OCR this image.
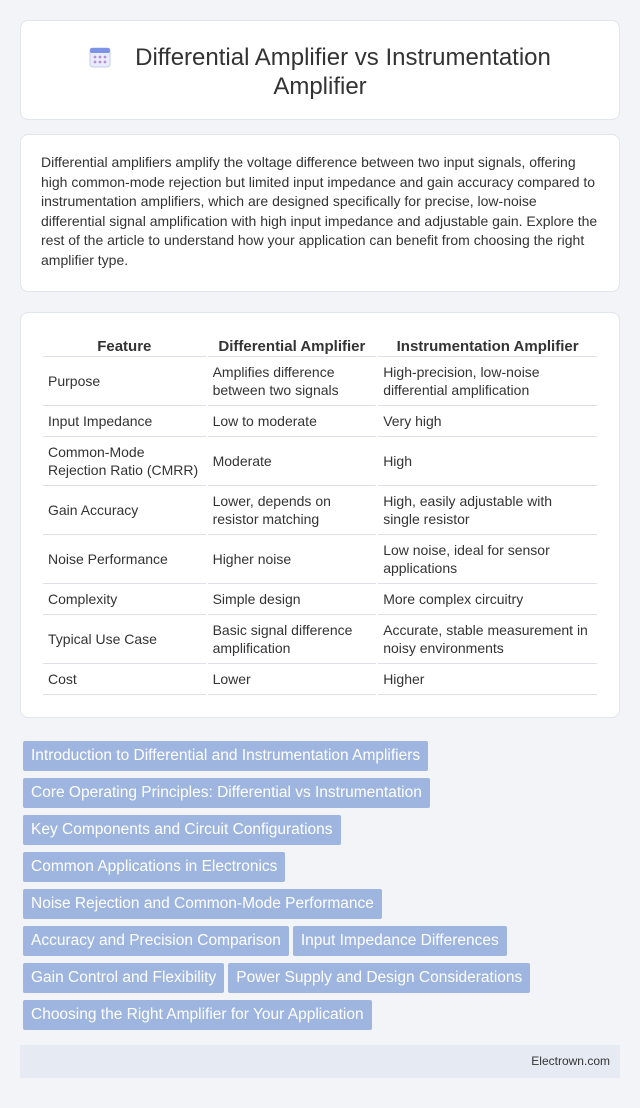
Differential Amplifier vs Instrumentation Amplifier

Differential amplifiers amplify the voltage difference between two input signals, offering high common-mode rejection but limited input impedance and gain accuracy compared to instrumentation amplifiers, which are designed specifically for precise, low-noise differential signal amplification with high input impedance and adjustable gain. Explore the rest of the article to understand how your application can benefit from choosing the right amplifier type.

Feature	Differential Amplifier	Instrumentation Amplifier
Purpose	Amplifies difference between two signals	High-precision, low-noise differential amplification
Input Impedance	Low to moderate	Very high
Common-Mode Rejection Ratio (CMRR)	Moderate	High
Gain Accuracy	Lower, depends on resistor matching	High, easily adjustable with single resistor
Noise Performance	Higher noise	Low noise, ideal for sensor applications
Complexity	Simple design	More complex circuitry
Typical Use Case	Basic signal difference amplification	Accurate, stable measurement in noisy environments
Cost	Lower	Higher
Introduction to Differential and Instrumentation Amplifiers
Core Operating Principles: Differential vs Instrumentation
Key Components and Circuit Configurations
Common Applications in Electronics
Noise Rejection and Common-Mode Performance
Accuracy and Precision Comparison Input Impedance Differences
Gain Control and Flexibility Power Supply and Design Considerations
Choosing the Right Amplifier for Your Application
Electrown.com
